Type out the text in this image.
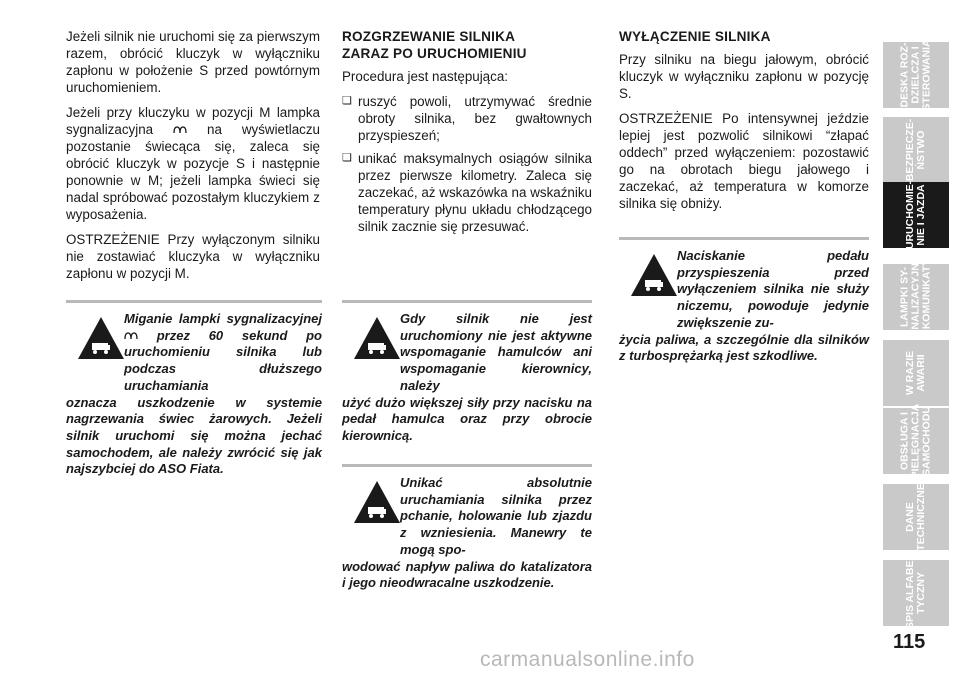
Jeżeli silnik nie uruchomi się za pierwszym razem, obrócić kluczyk w wyłączniku zapłonu w położenie S przed powtórnym uruchomieniem.

Jeżeli przy kluczyku w pozycji M lampka sygnalizacyjna	na wyświetlaczu pozostanie świecąca się, zaleca się obrócić kluczyk w pozycje S i następnie ponownie w M; jeżeli lampka świeci się nadal spróbować pozostałym kluczykiem z wyposażenia.

OSTRZEŻENIE Przy wyłączonym silniku nie zostawiać kluczyka w wyłączniku zapłonu w pozycji M.

Miganie lampki sygnalizacyjnej  przez 60 sekund po uruchomieniu silnika lub podczas dłuższego uruchamiania
oznacza uszkodzenie w systemie nagrzewania świec żarowych. Jeżeli silnik uruchomi się można jechać samochodem, ale należy zwrócić się jak najszybciej do ASO Fiata.
ROZGRZEWANIE SILNIKA ZARAZ PO URUCHOMIENIU

Procedura jest następująca:

❏ ruszyć powoli, utrzymywać średnie obroty silnika, bez gwałtownych przyspieszeń;
❏ unikać maksymalnych osiągów silnika przez pierwsze kilometry. Zaleca się zaczekać, aż wskazówka na wskaźniku temperatury płynu układu chłodzącego silnik zacznie się przesuwać.
Gdy silnik nie jest uruchomiony nie jest aktywne wspomaganie hamulców ani wspomaganie kierownicy, należy
użyć dużo większej siły przy nacisku na pedał hamulca oraz przy obrocie kierownicą.
Unikać absolutnie uruchamiania silnika przez pchanie, holowanie lub zjazdu z wzniesienia. Manewry te mogą spo-
wodować napływ paliwa do katalizatora i jego nieodwracalne uszkodzenie.
WYŁĄCZENIE SILNIKA

Przy silniku na biegu jałowym, obrócić kluczyk w wyłączniku zapłonu w pozycję S.

OSTRZEŻENIE Po intensywnej jeździe lepiej jest pozwolić silnikowi “złapać oddech” przed wyłączeniem: pozostawić go na obrotach biegu jałowego i zaczekać, aż temperatura w komorze silnika się obniży.

Naciskanie pedału przyspieszenia przed wyłączeniem silnika nie służy niczemu, powoduje jedynie zwiększenie zu-
życia paliwa, a szczególnie dla silników z turbosprężarką jest szkodliwe.
DESKA ROZ-
DZIELCZA I
STEROWANIA
BEZPIECZE-
ŃSTWO
URUCHOMIE-
NIE I JAZDA
LAMPKI SY-
GNALIZACYJNE
I KOMUNIKATY
W RAZIE
AWARII
OBSŁUGA I
PIELĘGNACJA
SAMOCHODU
DANE
TECHNICZNE
SPIS ALFABE-
TYCZNY
115
carmanualsonline.info
